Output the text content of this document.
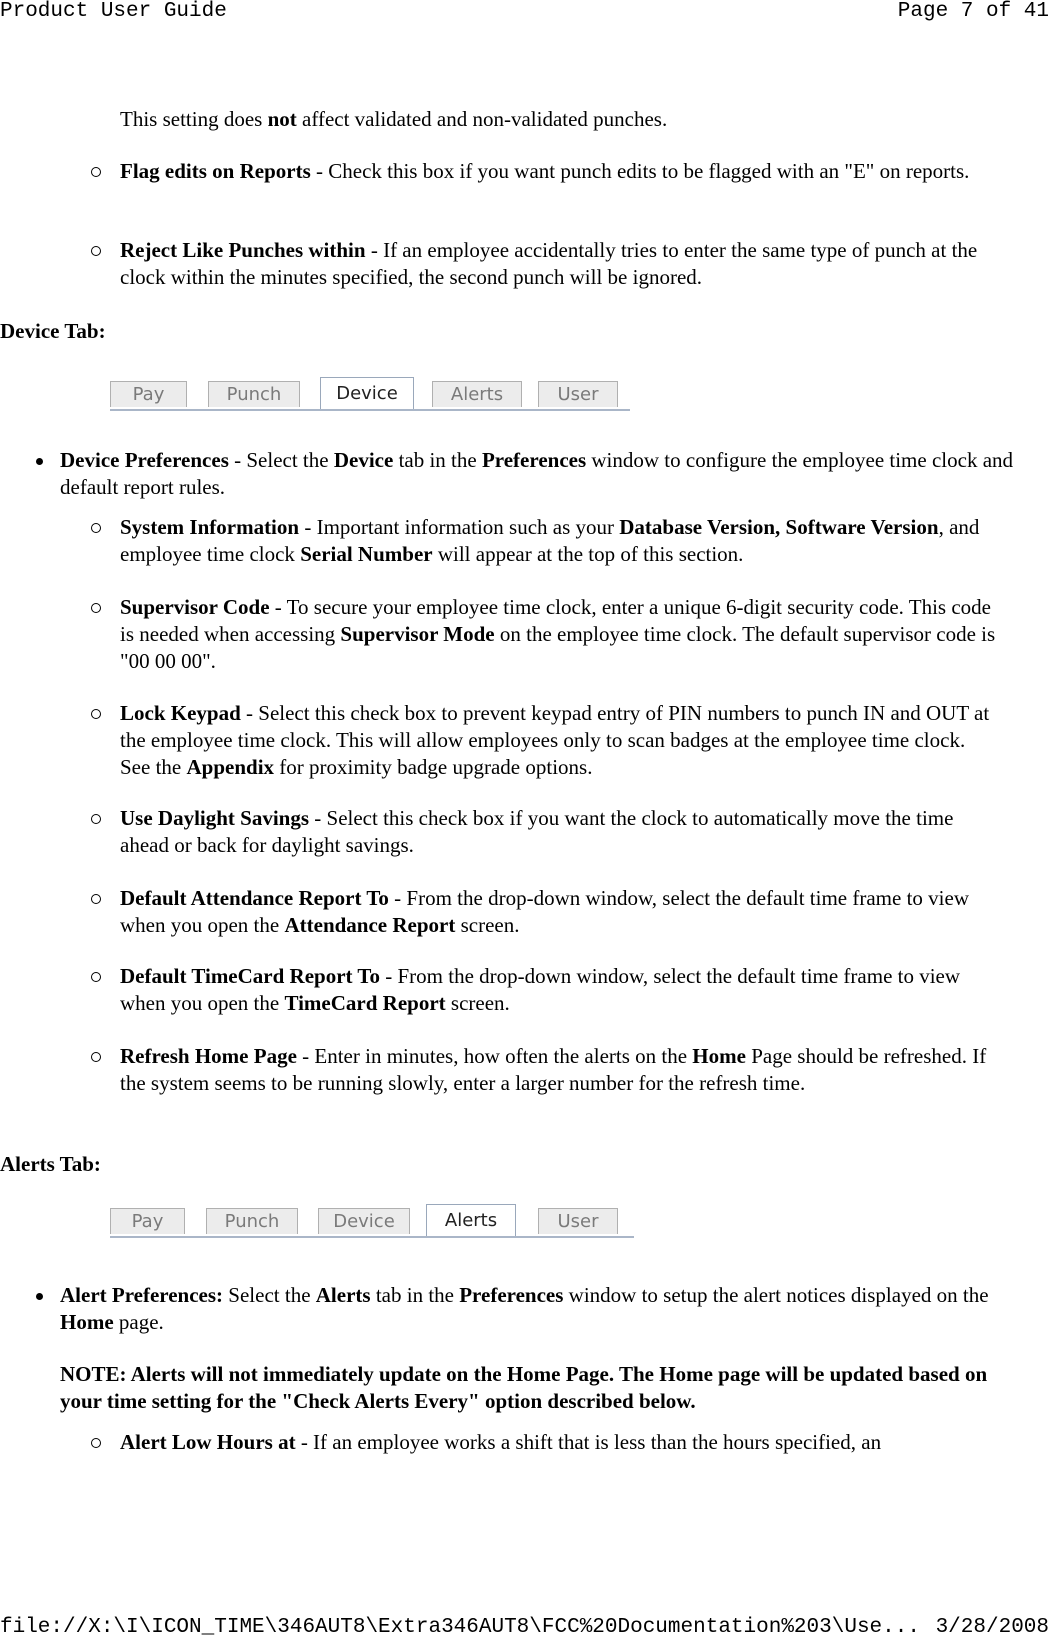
Product User Guide	Page 7 of 41
This setting does not affect validated and non-validated punches.
Flag edits on Reports - Check this box if you want punch edits to be flagged with an "E" on reports.
Reject Like Punches within - If an employee accidentally tries to enter the same type of punch at the clock within the minutes specified, the second punch will be ignored.
Device Tab:
Pay	Punch	Device	Alerts	User
Device Preferences - Select the Device tab in the Preferences window to configure the employee time clock and default report rules.
System Information - Important information such as your Database Version, Software Version, and employee time clock Serial Number will appear at the top of this section.
Supervisor Code - To secure your employee time clock, enter a unique 6-digit security code. This code is needed when accessing Supervisor Mode on the employee time clock. The default supervisor code is "00 00 00".
Lock Keypad - Select this check box to prevent keypad entry of PIN numbers to punch IN and OUT at the employee time clock. This will allow employees only to scan badges at the employee time clock. See the Appendix for proximity badge upgrade options.
Use Daylight Savings - Select this check box if you want the clock to automatically move the time ahead or back for daylight savings.
Default Attendance Report To - From the drop-down window, select the default time frame to view when you open the Attendance Report screen.
Default TimeCard Report To - From the drop-down window, select the default time frame to view when you open the TimeCard Report screen.
Refresh Home Page - Enter in minutes, how often the alerts on the Home Page should be refreshed. If the system seems to be running slowly, enter a larger number for the refresh time.
Alerts Tab:
Pay	Punch	Device	Alerts	User
Alert Preferences: Select the Alerts tab in the Preferences window to setup the alert notices displayed on the Home page.
NOTE: Alerts will not immediately update on the Home Page. The Home page will be updated based on your time setting for the "Check Alerts Every" option described below.
Alert Low Hours at - If an employee works a shift that is less than the hours specified, an
file://X:\I\ICON_TIME\346AUT8\Extra346AUT8\FCC%20Documentation%203\Use... 3/28/2008
